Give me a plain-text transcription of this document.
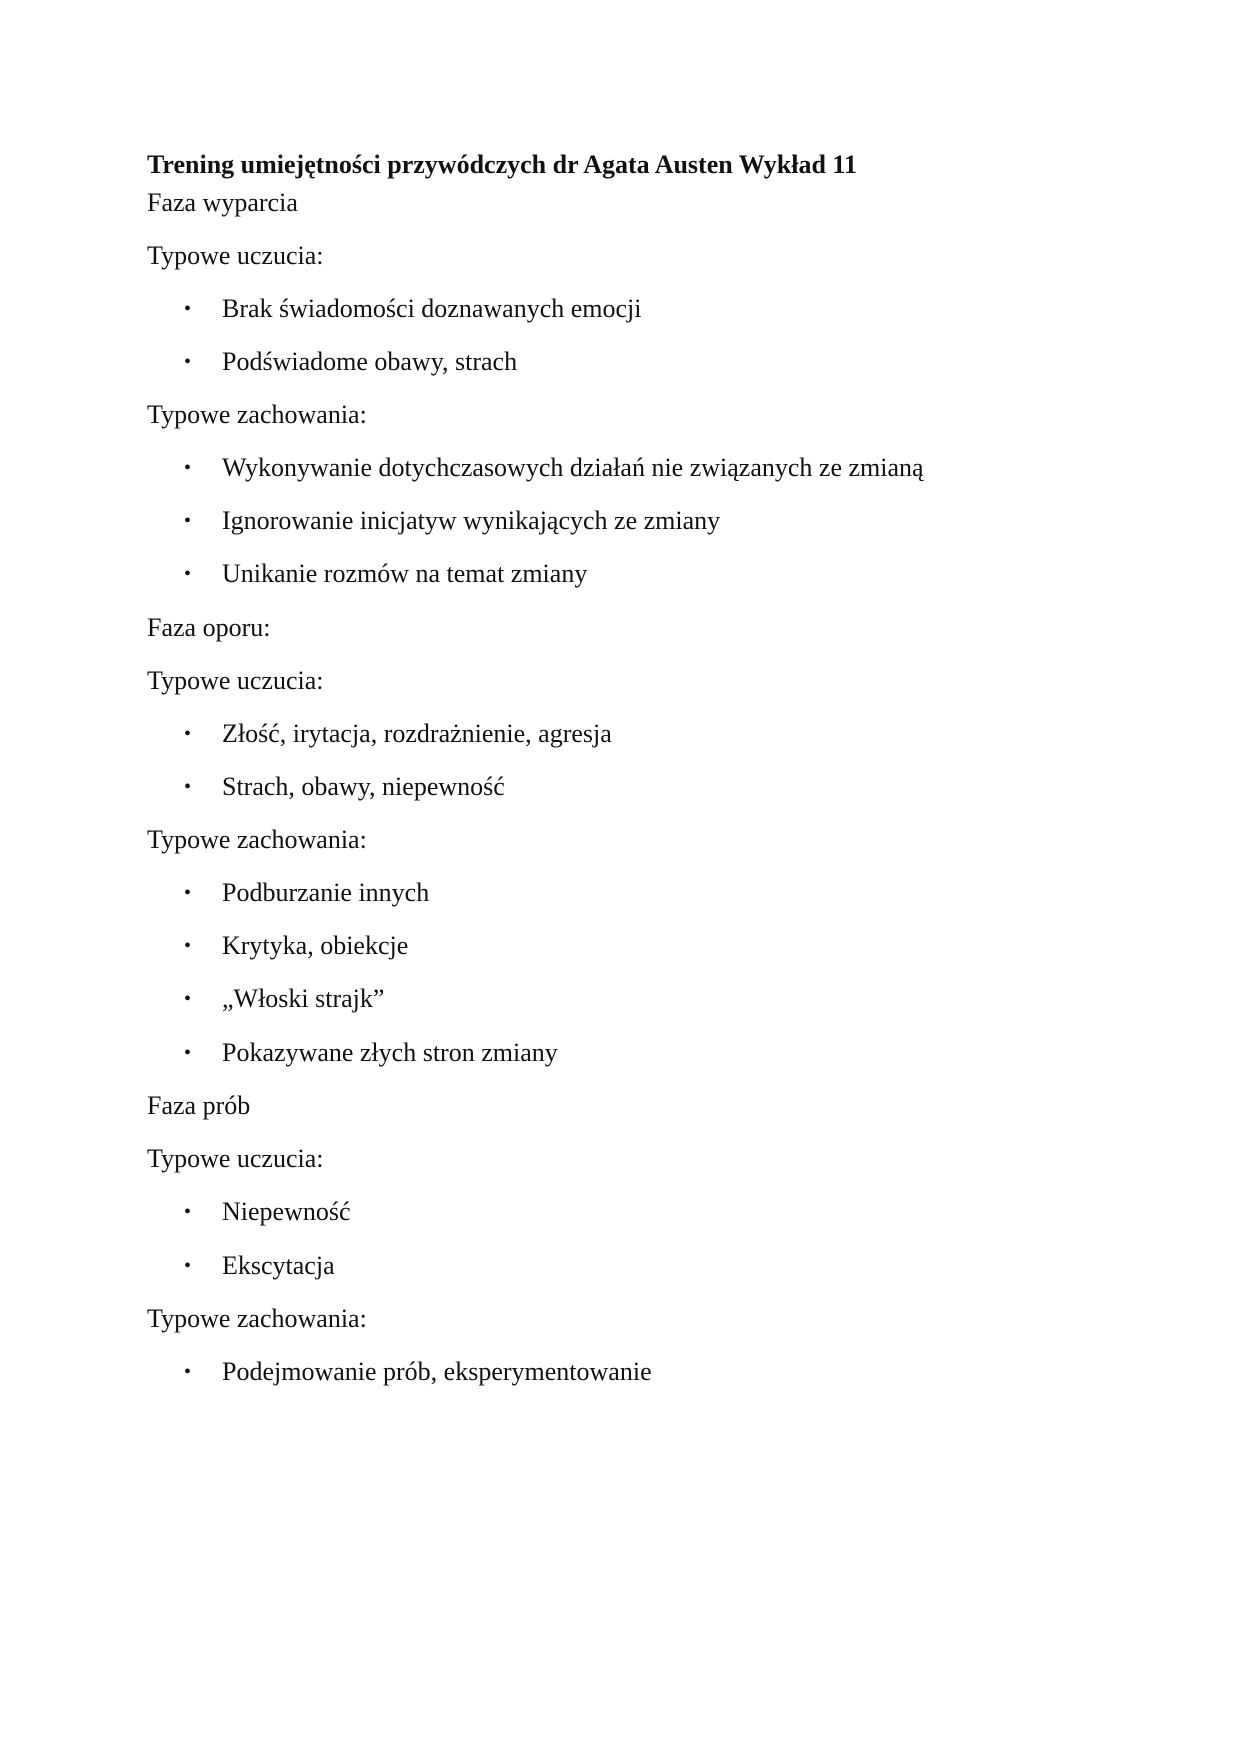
Trening umiejętności przywódczych dr Agata Austen Wykład 11
Faza wyparcia
Typowe uczucia:
• Brak świadomości doznawanych emocji
• Podświadome obawy, strach
Typowe zachowania:
• Wykonywanie dotychczasowych działań nie związanych ze zmianą
• Ignorowanie inicjatyw wynikających ze zmiany
• Unikanie rozmów na temat zmiany
Faza oporu:
Typowe uczucia:
• Złość, irytacja, rozdrażnienie, agresja
• Strach, obawy, niepewność
Typowe zachowania:
• Podburzanie innych
• Krytyka, obiekcje
• „Włoski strajk”
• Pokazywane złych stron zmiany
Faza prób
Typowe uczucia:
• Niepewność
• Ekscytacja
Typowe zachowania:
• Podejmowanie prób, eksperymentowanie
